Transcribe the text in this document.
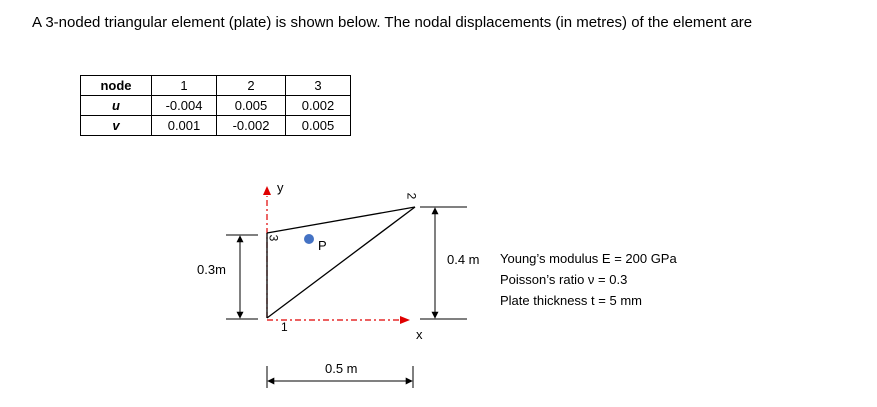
A 3-noded triangular element (plate) is shown below. The nodal displacements (in metres) of the element are
node	1	2	3
u	-0.004	0.005	0.002
v	0.001	-0.002	0.005
y
x
1
2
3	P
0.3m
0.4 m
0.5 m
Young’s modulus E = 200 GPa
Poisson’s ratio ν = 0.3
Plate thickness t = 5 mm
